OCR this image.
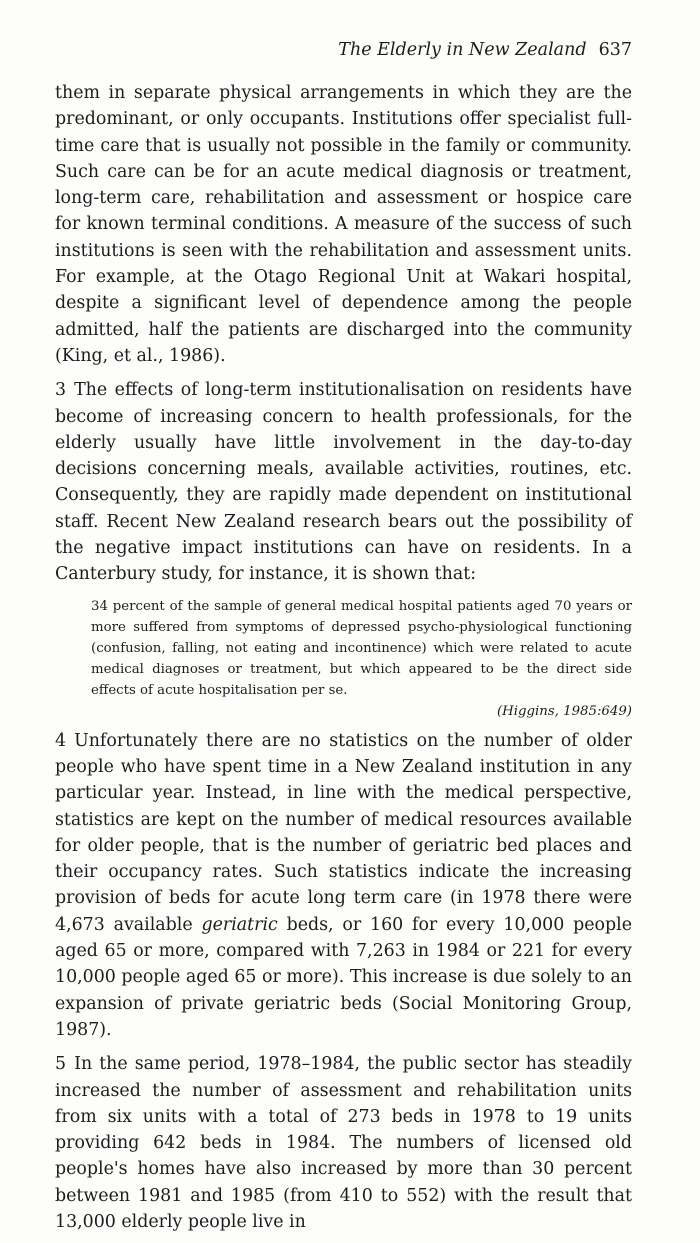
The Elderly in New Zealand 637

them in separate physical arrangements in which they are the predominant, or only occupants. Institutions offer specialist full-time care that is usually not possible in the family or community. Such care can be for an acute medical diagnosis or treatment, long-term care, rehabilitation and assessment or hospice care for known terminal conditions. A measure of the success of such institutions is seen with the rehabilitation and assessment units. For example, at the Otago Regional Unit at Wakari hospital, despite a significant level of dependence among the people admitted, half the patients are discharged into the community (King, et al., 1986).

3 The effects of long-term institutionalisation on residents have become of increasing concern to health professionals, for the elderly usually have little involvement in the day-to-day decisions concerning meals, available activities, routines, etc. Consequently, they are rapidly made dependent on institutional staff. Recent New Zealand research bears out the possibility of the negative impact institutions can have on residents. In a Canterbury study, for instance, it is shown that:

34 percent of the sample of general medical hospital patients aged 70 years or more suffered from symptoms of depressed psycho-physiological functioning (confusion, falling, not eating and incontinence) which were related to acute medical diagnoses or treatment, but which appeared to be the direct side effects of acute hospitalisation per se.
(Higgins, 1985:649)

4 Unfortunately there are no statistics on the number of older people who have spent time in a New Zealand institution in any particular year. Instead, in line with the medical perspective, statistics are kept on the number of medical resources available for older people, that is the number of geriatric bed places and their occupancy rates. Such statistics indicate the increasing provision of beds for acute long term care (in 1978 there were 4,673 available geriatric beds, or 160 for every 10,000 people aged 65 or more, compared with 7,263 in 1984 or 221 for every 10,000 people aged 65 or more). This increase is due solely to an expansion of private geriatric beds (Social Monitoring Group, 1987).

5 In the same period, 1978–1984, the public sector has steadily increased the number of assessment and rehabilitation units from six units with a total of 273 beds in 1978 to 19 units providing 642 beds in 1984. The numbers of licensed old people's homes have also increased by more than 30 percent between 1981 and 1985 (from 410 to 552) with the result that 13,000 elderly people live in
